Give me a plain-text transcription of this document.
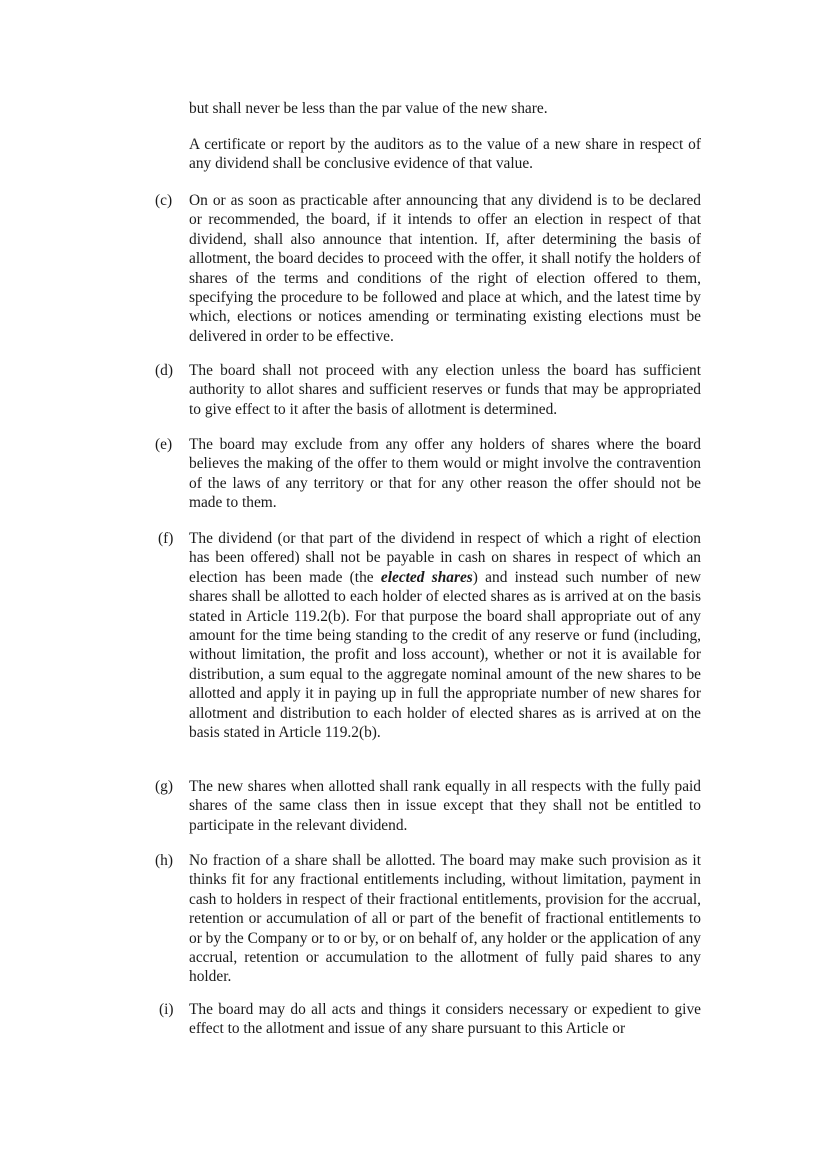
but shall never be less than the par value of the new share.

A certificate or report by the auditors as to the value of a new share in respect of any dividend shall be conclusive evidence of that value.

(c)	On or as soon as practicable after announcing that any dividend is to be declared or recommended, the board, if it intends to offer an election in respect of that dividend, shall also announce that intention. If, after determining the basis of allotment, the board decides to proceed with the offer, it shall notify the holders of shares of the terms and conditions of the right of election offered to them, specifying the procedure to be followed and place at which, and the latest time by which, elections or notices amending or terminating existing elections must be delivered in order to be effective.

(d)	The board shall not proceed with any election unless the board has sufficient authority to allot shares and sufficient reserves or funds that may be appropriated to give effect to it after the basis of allotment is determined.

(e)	The board may exclude from any offer any holders of shares where the board believes the making of the offer to them would or might involve the contravention of the laws of any territory or that for any other reason the offer should not be made to them.

(f)	The dividend (or that part of the dividend in respect of which a right of election has been offered) shall not be payable in cash on shares in respect of which an election has been made (the elected shares) and instead such number of new shares shall be allotted to each holder of elected shares as is arrived at on the basis stated in Article 119.2(b). For that purpose the board shall appropriate out of any amount for the time being standing to the credit of any reserve or fund (including, without limitation, the profit and loss account), whether or not it is available for distribution, a sum equal to the aggregate nominal amount of the new shares to be allotted and apply it in paying up in full the appropriate number of new shares for allotment and distribution to each holder of elected shares as is arrived at on the basis stated in Article 119.2(b).

(g)	The new shares when allotted shall rank equally in all respects with the fully paid shares of the same class then in issue except that they shall not be entitled to participate in the relevant dividend.

(h)	No fraction of a share shall be allotted. The board may make such provision as it thinks fit for any fractional entitlements including, without limitation, payment in cash to holders in respect of their fractional entitlements, provision for the accrual, retention or accumulation of all or part of the benefit of fractional entitlements to or by the Company or to or by, or on behalf of, any holder or the application of any accrual, retention or accumulation to the allotment of fully paid shares to any holder.

(i)	The board may do all acts and things it considers necessary or expedient to give effect to the allotment and issue of any share pursuant to this Article or
